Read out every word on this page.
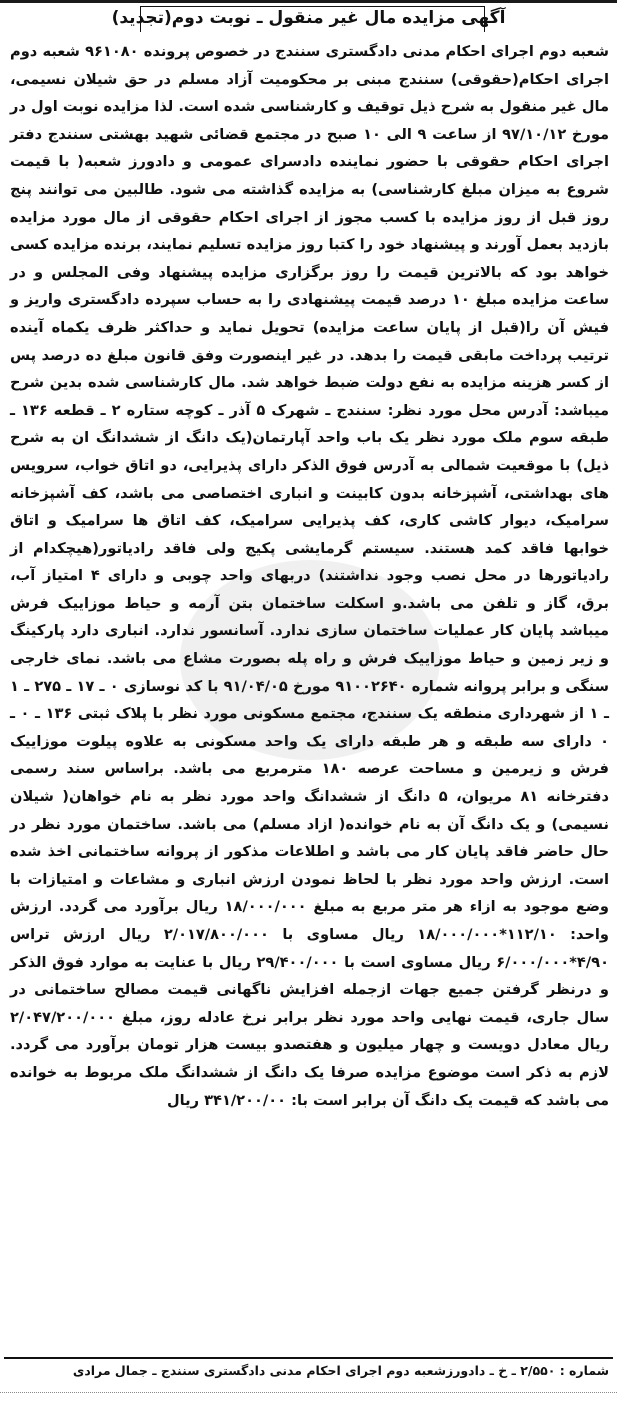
آگهی مزایده مال غیر منقول ـ نوبت دوم(تجدید)
شعبه دوم اجرای احکام مدنی دادگستری سنندج در خصوص پرونده ۹۶۱۰۸۰ شعبه دوم اجرای احکام(حقوقی) سنندج مبنی بر محکومیت آزاد مسلم در حق شیلان نسیمی، مال غیر منقول به شرح ذیل توقیف و کارشناسی شده است. لذا مزایده نوبت اول در مورخ ۹۷/۱۰/۱۲ از ساعت ۹ الی ۱۰ صبح در مجتمع قضائی شهید بهشتی سنندج دفتر اجرای احکام حقوقی با حضور نماینده دادسرای عمومی و دادورز شعبه( با قیمت شروع به میزان مبلغ کارشناسی) به مزایده گذاشته می شود. طالبین می توانند پنج روز قبل از روز مزایده با کسب مجوز از اجرای احکام حقوقی از مال مورد مزایده بازدید بعمل آورند و پیشنهاد خود را کتبا روز مزایده تسلیم نمایند، برنده مزایده کسی خواهد بود که بالاترین قیمت را روز برگزاری مزایده پیشنهاد وفی المجلس و در ساعت مزایده مبلغ ۱۰ درصد قیمت پیشنهادی را به حساب سپرده دادگستری واریز و فیش آن را(قبل از پایان ساعت مزایده) تحویل نماید و حداکثر ظرف یکماه آینده ترتیب پرداخت مابقی قیمت را بدهد. در غیر اینصورت وفق قانون مبلغ ده درصد پس از کسر هزینه مزایده به نفع دولت ضبط خواهد شد. مال کارشناسی شده بدین شرح میباشد: آدرس محل مورد نظر: سنندج ـ شهرک ۵ آذر ـ کوچه ستاره ۲ ـ قطعه ۱۳۶ ـ طبقه سوم ملک مورد نظر یک باب واحد آپارتمان(یک دانگ از ششدانگ ان به شرح ذیل) با موقعیت شمالی به آدرس فوق الذکر دارای پذیرایی، دو اتاق خواب، سرویس های بهداشتی، آشپزخانه بدون کابینت و انباری اختصاصی می باشد، کف آشپزخانه سرامیک، دیوار کاشی کاری، کف پذیرایی سرامیک، کف اتاق ها سرامیک و اتاق خوابها فاقد کمد هستند. سیستم گرمایشی پکیج ولی فاقد رادیاتور(هیچکدام از رادیاتورها در محل نصب وجود نداشتند) دربهای واحد چوبی و دارای ۴ امتیاز آب، برق، گاز و تلفن می باشد.و اسکلت ساختمان بتن آرمه و حیاط موزاییک فرش میباشد پایان کار عملیات ساختمان سازی ندارد. آسانسور ندارد. انباری دارد پارکینگ و زیر زمین و حیاط موزاییک فرش و راه پله بصورت مشاع می باشد. نمای خارجی سنگی و برابر پروانه شماره ۹۱۰۰۲۶۴۰ مورخ ۹۱/۰۴/۰۵ با کد نوسازی ۰ ـ ۱۷ ـ ۲۷۵ ـ ۱ ـ ۱ از شهرداری منطقه یک سنندج، مجتمع مسکونی مورد نظر با پلاک ثبتی ۱۳۶ ـ ۰ ـ ۰ دارای سه طبقه و هر طبقه دارای یک واحد مسکونی به علاوه پیلوت موزاییک فرش و زیرمین و مساحت عرصه ۱۸۰ مترمربع می باشد. براساس سند رسمی دفترخانه ۸۱ مریوان، ۵ دانگ از ششدانگ واحد مورد نظر به نام خواهان( شیلان نسیمی) و یک دانگ آن به نام خوانده( ازاد مسلم) می باشد. ساختمان مورد نظر در حال حاضر فاقد پایان کار می باشد و اطلاعات مذکور از پروانه ساختمانی اخذ شده است. ارزش واحد مورد نظر با لحاظ نمودن ارزش انباری و مشاعات و امتیازات با وضع موجود به ازاء هر متر مربع به مبلغ ۱۸/۰۰۰/۰۰۰ ریال برآورد می گردد. ارزش واحد: ۱۱۲/۱۰*۱۸/۰۰۰/۰۰۰ ریال مساوی با ۲/۰۱۷/۸۰۰/۰۰۰ ریال ارزش تراس ۴/۹۰*۶/۰۰۰/۰۰۰ ریال مساوی است با ۲۹/۴۰۰/۰۰۰ ریال با عنایت به موارد فوق الذکر و درنظر گرفتن جمیع جهات ازجمله افزایش ناگهانی قیمت مصالح ساختمانی در سال جاری، قیمت نهایی واحد مورد نظر برابر نرخ عادله روز، مبلغ ۲/۰۴۷/۲۰۰/۰۰۰ ریال معادل دویست و چهار میلیون و هفتصدو بیست هزار تومان برآورد می گردد. لازم به ذکر است موضوع مزایده صرفا یک دانگ از ششدانگ ملک مربوط به خوانده می باشد که قیمت یک دانگ آن برابر است با: ۳۴۱/۲۰۰/۰۰ ریال
شماره : ۲/۵۵۰ ـ خ ـ دادورزشعبه دوم اجرای احکام مدنی دادگستری سنندج ـ جمال مرادی
